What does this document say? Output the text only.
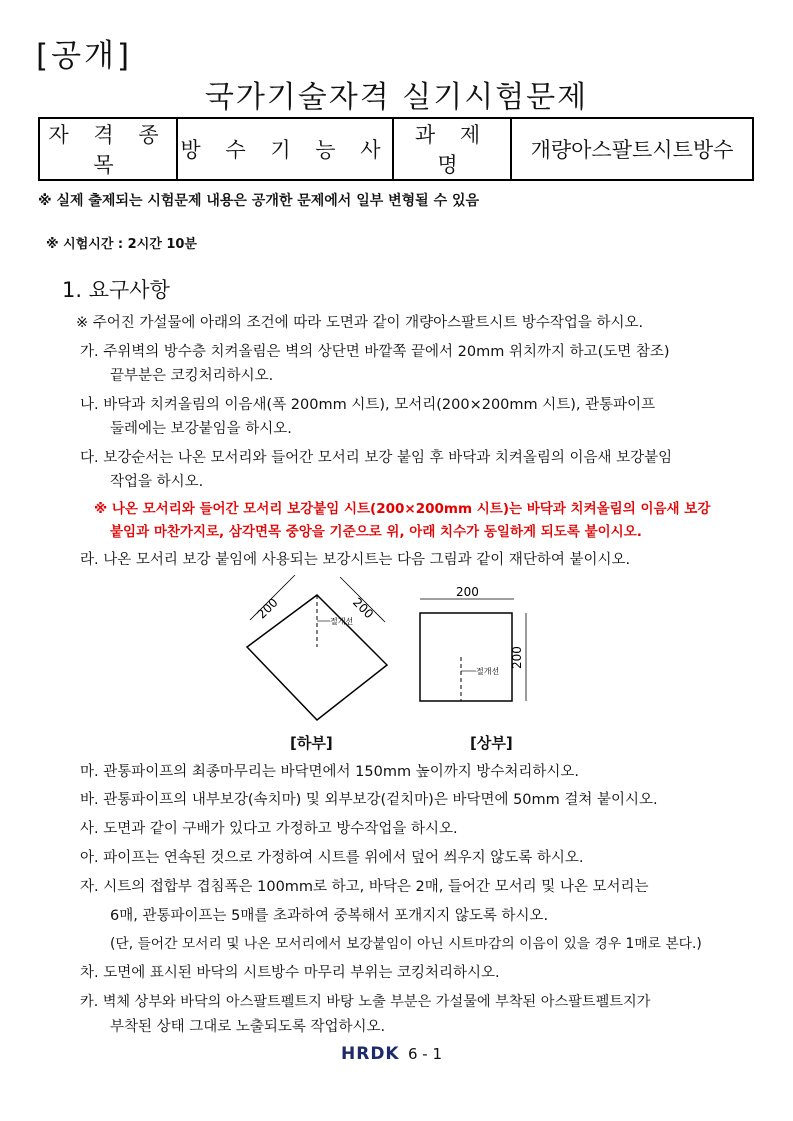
[공개]
국가기술자격 실기시험문제
자 격 종 목	방 수 기 능 사	과 제 명	개량아스팔트시트방수
※ 실제 출제되는 시험문제 내용은 공개한 문제에서 일부 변형될 수 있음
※ 시험시간 : 2시간 10분
1. 요구사항
※ 주어진 가설물에 아래의 조건에 따라 도면과 같이 개량아스팔트시트 방수작업을 하시오.
가. 주위벽의 방수층 치켜올림은 벽의 상단면 바깥쪽 끝에서 20mm 위치까지 하고(도면 참조)
끝부분은 코킹처리하시오.
나. 바닥과 치켜올림의 이음새(폭 200mm 시트), 모서리(200×200mm 시트), 관통파이프
둘레에는 보강붙임을 하시오.
다. 보강순서는 나온 모서리와 들어간 모서리 보강 붙임 후 바닥과 치켜올림의 이음새 보강붙임
작업을 하시오.
※ 나온 모서리와 들어간 모서리 보강붙임 시트(200×200mm 시트)는 바닥과 치켜올림의 이음새 보강
붙임과 마찬가지로, 삼각면목 중앙을 기준으로 위, 아래 치수가 동일하게 되도록 붙이시오.
라. 나온 모서리 보강 붙임에 사용되는 보강시트는 다음 그림과 같이 재단하여 붙이시오.
200	200
절개선
200
200
절개선
[하부]	[상부]
마. 관통파이프의 최종마무리는 바닥면에서 150mm 높이까지 방수처리하시오.
바. 관통파이프의 내부보강(속치마) 및 외부보강(겉치마)은 바닥면에 50mm 걸쳐 붙이시오.
사. 도면과 같이 구배가 있다고 가정하고 방수작업을 하시오.
아. 파이프는 연속된 것으로 가정하여 시트를 위에서 덮어 씌우지 않도록 하시오.
자. 시트의 접합부 겹침폭은 100mm로 하고, 바닥은 2매, 들어간 모서리 및 나온 모서리는
6매, 관통파이프는 5매를 초과하여 중복해서 포개지지 않도록 하시오.
(단, 들어간 모서리 및 나온 모서리에서 보강붙임이 아닌 시트마감의 이음이 있을 경우 1매로 본다.)
차. 도면에 표시된 바닥의 시트방수 마무리 부위는 코킹처리하시오.
카. 벽체 상부와 바닥의 아스팔트펠트지 바탕 노출 부분은 가설물에 부착된 아스팔트펠트지가
부착된 상태 그대로 노출되도록 작업하시오.
HRDK 6 - 1
